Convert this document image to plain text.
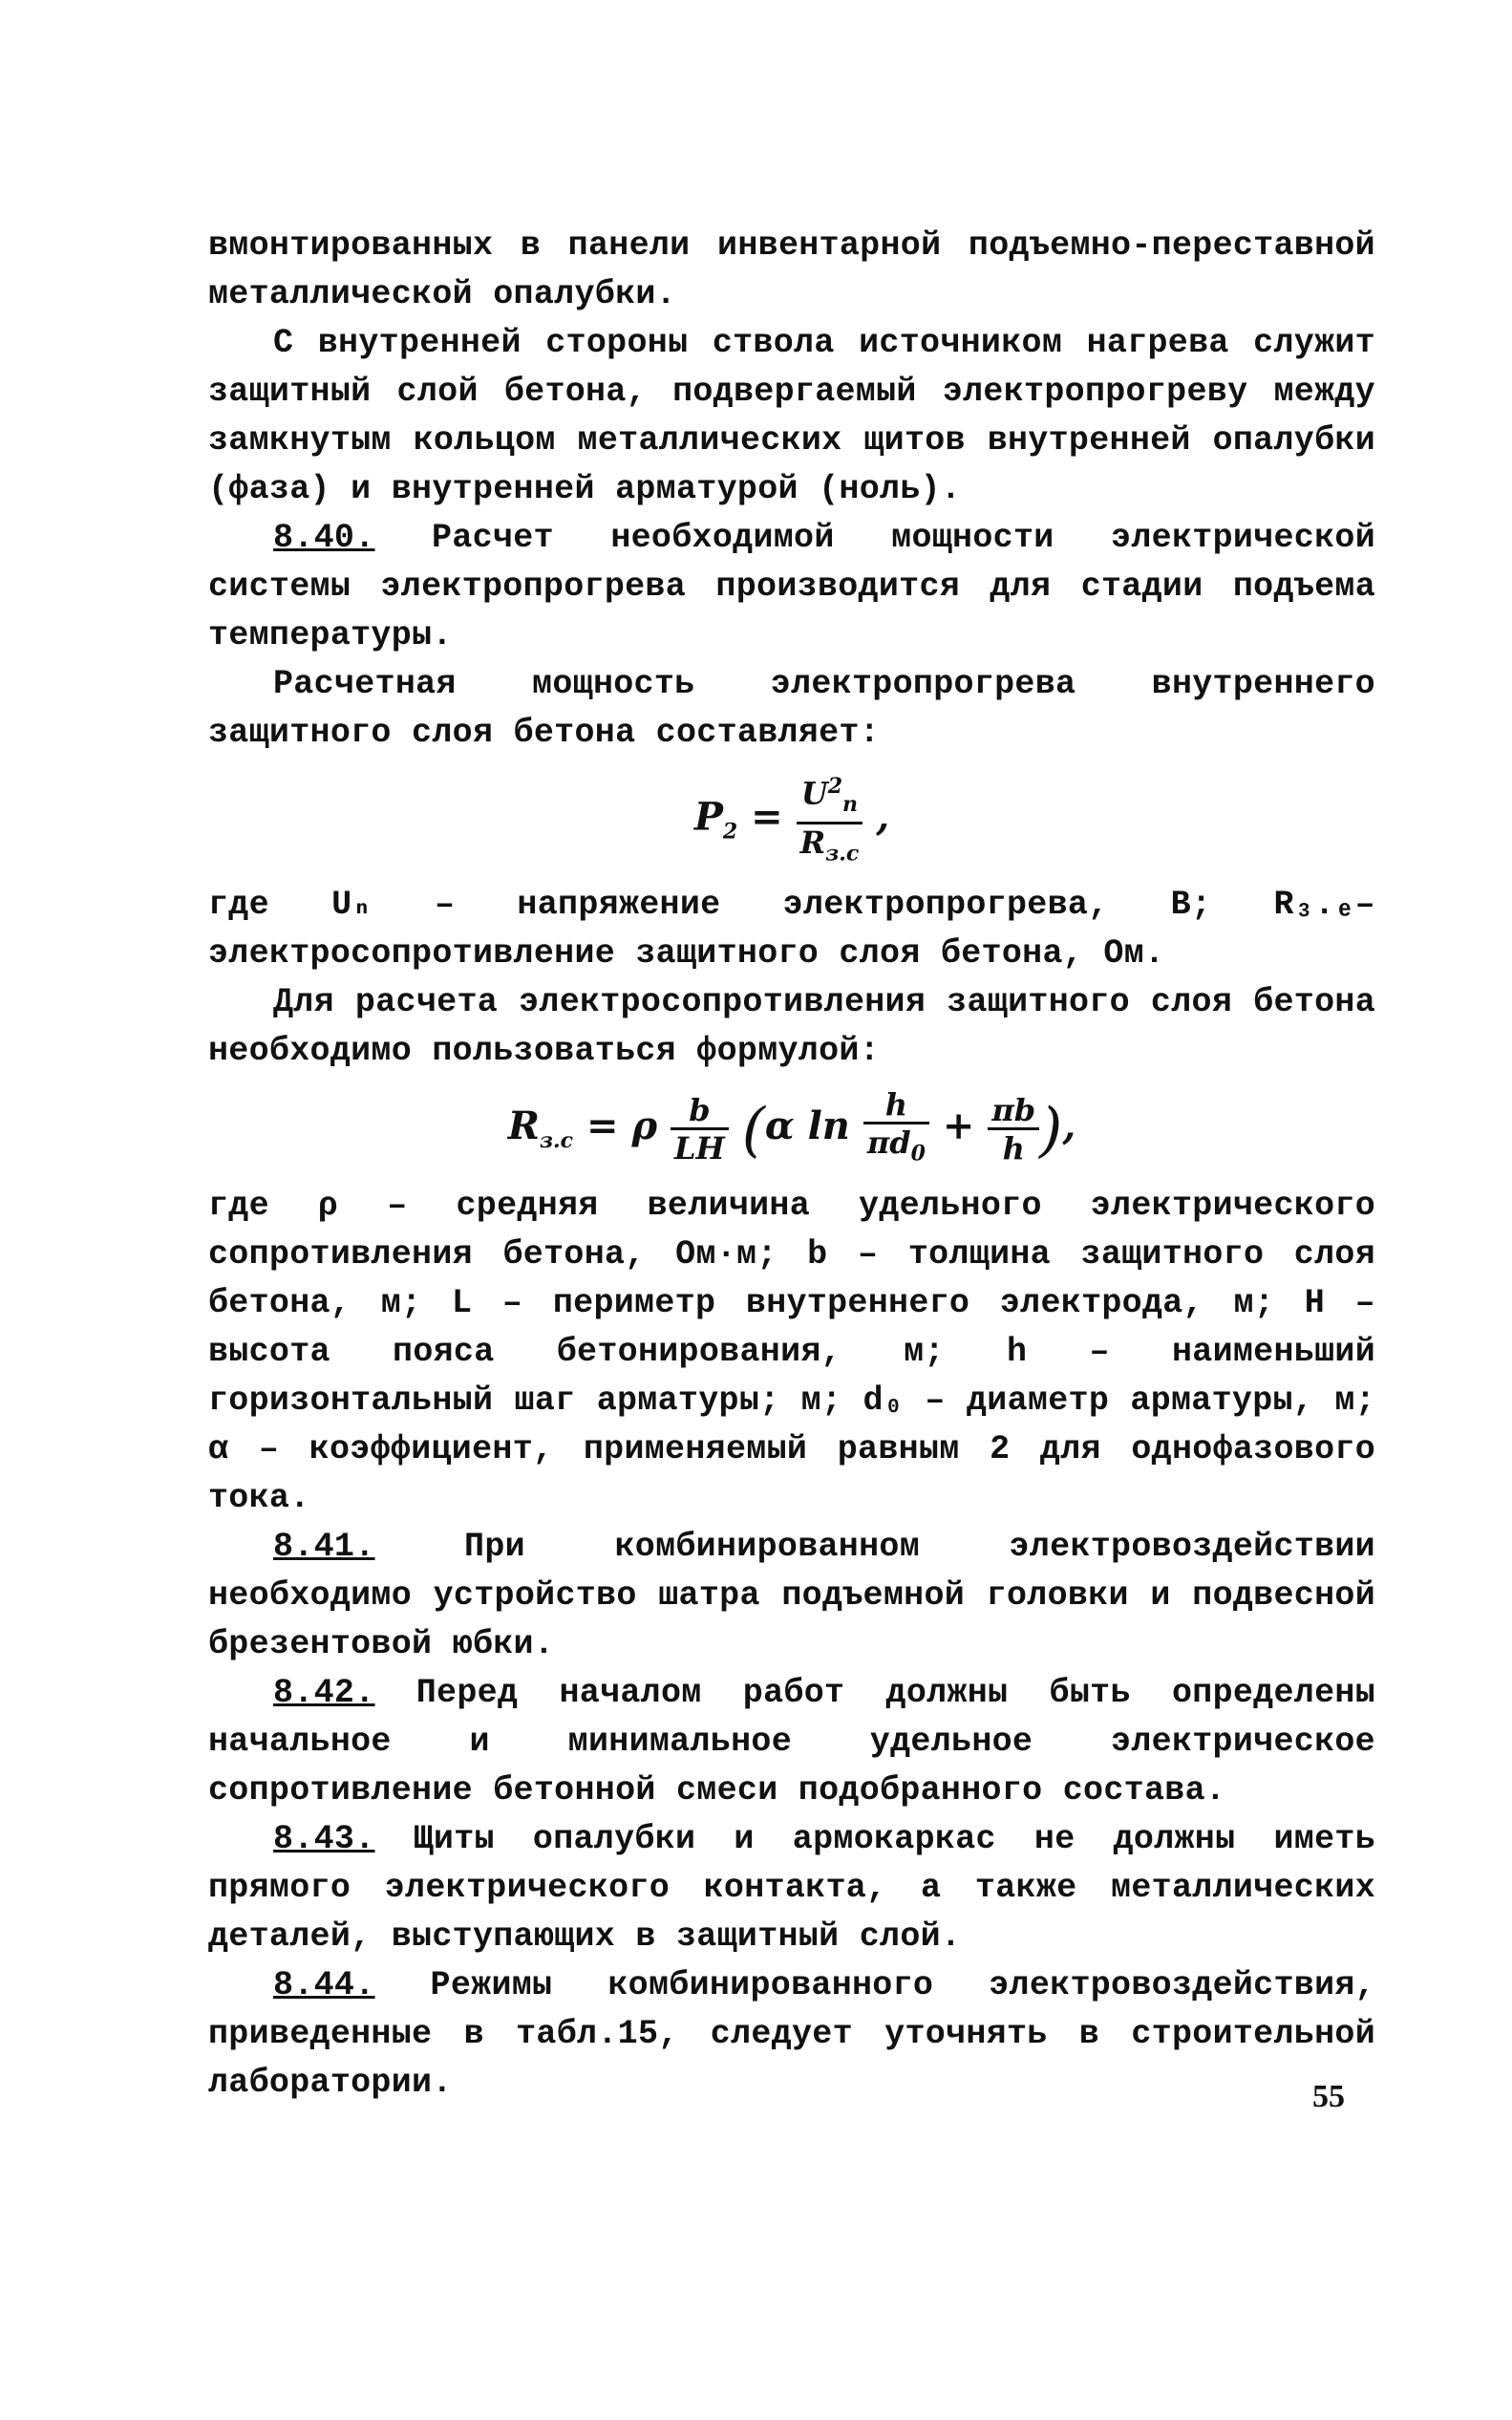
вмонтированных в панели инвентарной подъемно-переставной металлической опалубки.

С внутренней стороны ствола источником нагрева служит защитный слой бетона, подвергаемый электропрогреву между замкнутым кольцом металлических щитов внутренней опалубки (фаза) и внутренней арматурой (ноль).

8.40. Расчет необходимой мощности электрической системы электропрогрева производится для стадии подъема температуры.

Расчетная мощность электропрогрева внутреннего защитного слоя бетона составляет:

$P_2 = \frac{U^2_n}{R_{з.с}}$ ,

где Uₙ – напряжение электропрогрева, В; R₃.ₑ– электросопротивление защитного слоя бетона, Ом.

Для расчета электросопротивления защитного слоя бетона необходимо пользоваться формулой:

$R_{з.с} = \rho \frac{b}{LH} (\alpha$ $\ln \frac{h}{\pi d_0} + \frac{\pi b}{h}$ ),

где ρ – средняя величина удельного электрического сопротивления бетона, Ом·м; b – толщина защитного слоя бетона, м; L – периметр внутреннего электрода, м; H – высота пояса бетонирования, м; h – наименьший горизонтальный шаг арматуры; м; d₀ – диаметр арматуры, м; α – коэффициент, применяемый равным 2 для однофазового тока.

8.41. При комбинированном электровоздействии необходимо устройство шатра подъемной головки и подвесной брезентовой юбки.

8.42. Перед началом работ должны быть определены начальное и минимальное удельное электрическое сопротивление бетонной смеси подобранного состава.

8.43. Щиты опалубки и армокаркас не должны иметь прямого электрического контакта, а также металлических деталей, выступающих в защитный слой.

8.44. Режимы комбинированного электровоздействия, приведенные в табл.15, следует уточнять в строительной лаборатории.	55
